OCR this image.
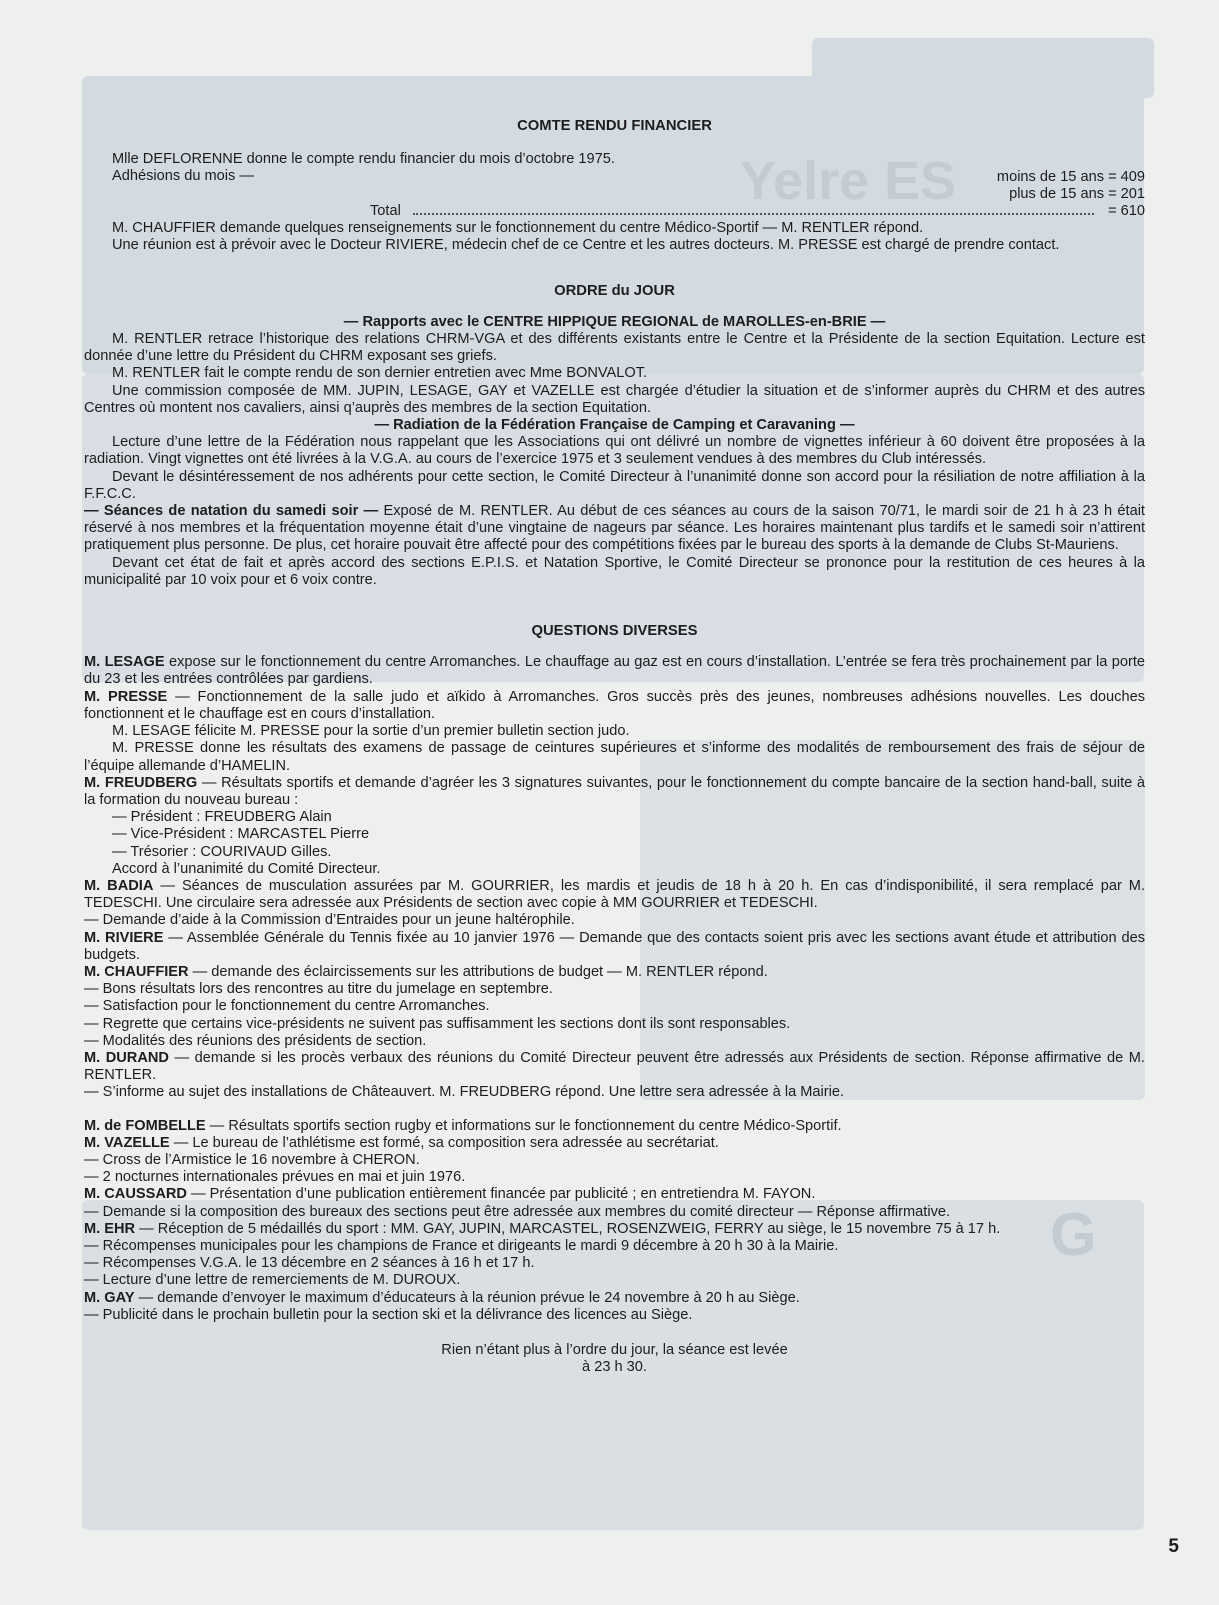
Yelre ES
G

COMTE RENDU FINANCIER

Mlle DEFLORENNE donne le compte rendu financier du mois d’octobre 1975.

Adhésions du mois —	moins de 15 ans = 409
plus de 15 ans = 201
Total	= 610

M. CHAUFFIER demande quelques renseignements sur le fonctionnement du centre Médico-Sportif — M. RENTLER répond.

Une réunion est à prévoir avec le Docteur RIVIERE, médecin chef de ce Centre et les autres docteurs. M. PRESSE est chargé de prendre contact.

ORDRE du JOUR

— Rapports avec le CENTRE HIPPIQUE REGIONAL de MAROLLES-en-BRIE —

M. RENTLER retrace l’historique des relations CHRM-VGA et des différents existants entre le Centre et la Présidente de la section Equitation. Lecture est donnée d’une lettre du Président du CHRM exposant ses griefs.

M. RENTLER fait le compte rendu de son dernier entretien avec Mme BONVALOT.

Une commission composée de MM. JUPIN, LESAGE, GAY et VAZELLE est chargée d’étudier la situation et de s’informer auprès du CHRM et des autres Centres où montent nos cavaliers, ainsi q’auprès des membres de la section Equitation.

— Radiation de la Fédération Française de Camping et Caravaning —

Lecture d’une lettre de la Fédération nous rappelant que les Associations qui ont délivré un nombre de vignettes inférieur à 60 doivent être proposées à la radiation. Vingt vignettes ont été livrées à la V.G.A. au cours de l’exercice 1975 et 3 seulement vendues à des membres du Club intéressés.

Devant le désintéressement de nos adhérents pour cette section, le Comité Directeur à l’unanimité donne son accord pour la résiliation de notre affiliation à la F.F.C.C.

— Séances de natation du samedi soir — Exposé de M. RENTLER. Au début de ces séances au cours de la saison 70/71, le mardi soir de 21 h à 23 h était réservé à nos membres et la fréquentation moyenne était d’une vingtaine de nageurs par séance. Les horaires maintenant plus tardifs et le samedi soir n’attirent pratiquement plus personne. De plus, cet horaire pouvait être affecté pour des compétitions fixées par le bureau des sports à la demande de Clubs St-Mauriens.

Devant cet état de fait et après accord des sections E.P.I.S. et Natation Sportive, le Comité Directeur se prononce pour la restitution de ces heures à la municipalité par 10 voix pour et 6 voix contre.

QUESTIONS DIVERSES

M. LESAGE expose sur le fonctionnement du centre Arromanches. Le chauffage au gaz est en cours d’installation. L’entrée se fera très prochainement par la porte du 23 et les entrées contrôlées par gardiens.

M. PRESSE — Fonctionnement de la salle judo et aïkido à Arromanches. Gros succès près des jeunes, nombreuses adhésions nouvelles. Les douches fonctionnent et le chauffage est en cours d’installation.

M. LESAGE félicite M. PRESSE pour la sortie d’un premier bulletin section judo.

M. PRESSE donne les résultats des examens de passage de ceintures supérieures et s’informe des modalités de remboursement des frais de séjour de l’équipe allemande d’HAMELIN.

M. FREUDBERG — Résultats sportifs et demande d’agréer les 3 signatures suivantes, pour le fonctionnement du compte bancaire de la section hand-ball, suite à la formation du nouveau bureau :

— Président : FREUDBERG Alain

— Vice-Président : MARCASTEL Pierre

— Trésorier : COURIVAUD Gilles.

Accord à l’unanimité du Comité Directeur.

M. BADIA — Séances de musculation assurées par M. GOURRIER, les mardis et jeudis de 18 h à 20 h. En cas d’indisponibilité, il sera remplacé par M. TEDESCHI. Une circulaire sera adressée aux Présidents de section avec copie à MM GOURRIER et TEDESCHI.

— Demande d’aide à la Commission d’Entraides pour un jeune haltérophile.

M. RIVIERE — Assemblée Générale du Tennis fixée au 10 janvier 1976 — Demande que des contacts soient pris avec les sections avant étude et attribution des budgets.

M. CHAUFFIER — demande des éclaircissements sur les attributions de budget — M. RENTLER répond.

— Bons résultats lors des rencontres au titre du jumelage en septembre.

— Satisfaction pour le fonctionnement du centre Arromanches.

— Regrette que certains vice-présidents ne suivent pas suffisamment les sections dont ils sont responsables.

— Modalités des réunions des présidents de section.

M. DURAND — demande si les procès verbaux des réunions du Comité Directeur peuvent être adressés aux Présidents de section. Réponse affirmative de M. RENTLER.

— S’informe au sujet des installations de Châteauvert. M. FREUDBERG répond. Une lettre sera adressée à la Mairie.

M. de FOMBELLE — Résultats sportifs section rugby et informations sur le fonctionnement du centre Médico-Sportif.

M. VAZELLE — Le bureau de l’athlétisme est formé, sa composition sera adressée au secrétariat.

— Cross de l’Armistice le 16 novembre à CHERON.

— 2 nocturnes internationales prévues en mai et juin 1976.

M. CAUSSARD — Présentation d’une publication entièrement financée par publicité ; en entretiendra M. FAYON.

— Demande si la composition des bureaux des sections peut être adressée aux membres du comité directeur — Réponse affirmative.

M. EHR — Réception de 5 médaillés du sport : MM. GAY, JUPIN, MARCASTEL, ROSENZWEIG, FERRY au siège, le 15 novembre 75 à 17 h.

— Récompenses municipales pour les champions de France et dirigeants le mardi 9 décembre à 20 h 30 à la Mairie.

— Récompenses V.G.A. le 13 décembre en 2 séances à 16 h et 17 h.

— Lecture d’une lettre de remerciements de M. DUROUX.

M. GAY — demande d’envoyer le maximum d’éducateurs à la réunion prévue le 24 novembre à 20 h au Siège.

— Publicité dans le prochain bulletin pour la section ski et la délivrance des licences au Siège.

Rien n’étant plus à l’ordre du jour, la séance est levée

à 23 h 30.

5
